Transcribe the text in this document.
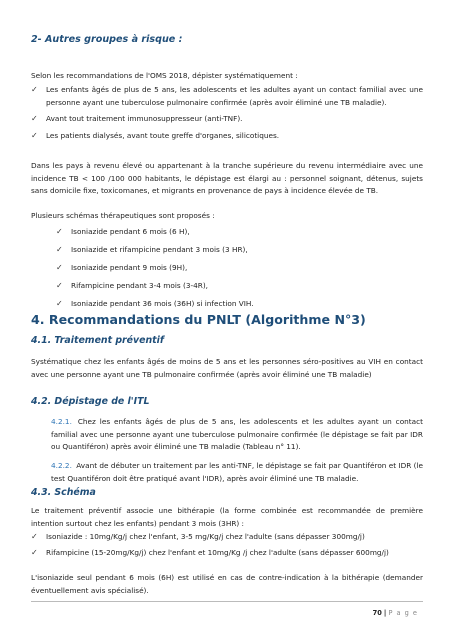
2- Autres groupes à risque :

Selon les recommandations de l'OMS 2018, dépister systématiquement :

✓ Les enfants âgés de plus de 5 ans, les adolescents et les adultes ayant un contact familial avec une personne ayant une tuberculose pulmonaire confirmée (après avoir éliminé une TB maladie).
✓ Avant tout traitement immunosuppresseur (anti-TNF).
✓ Les patients dialysés, avant toute greffe d'organes, silicotiques.

Dans les pays à revenu élevé ou appartenant à la tranche supérieure du revenu intermédiaire avec une incidence TB < 100 /100 000 habitants, le dépistage est élargi au : personnel soignant, détenus, sujets sans domicile fixe, toxicomanes, et migrants en provenance de pays à incidence élevée de TB.

Plusieurs schémas thérapeutiques sont proposés :

✓ Isoniazide pendant 6 mois (6 H),
✓ Isoniazide et rifampicine pendant 3 mois (3 HR),
✓ Isoniazide pendant 9 mois (9H),
✓ Rifampicine pendant 3-4 mois (3-4R),
✓ Isoniazide pendant 36 mois (36H) si infection VIH.
4. Recommandations du PNLT (Algorithme N°3)
4.1. Traitement préventif

Systématique chez les enfants âgés de moins de 5 ans et les personnes séro-positives au VIH en contact avec une personne ayant une TB pulmonaire confirmée (après avoir éliminé une TB maladie)

4.2. Dépistage de l'ITL

4.2.1. Chez les enfants âgés de plus de 5 ans, les adolescents et les adultes ayant un contact familial avec une personne ayant une tuberculose pulmonaire confirmée (le dépistage se fait par IDR ou Quantiféron) après avoir éliminé une TB maladie (Tableau n° 11).

4.2.2. Avant de débuter un traitement par les anti-TNF, le dépistage se fait par Quantiféron et IDR (le test Quantiféron doit être pratiqué avant l'IDR), après avoir éliminé une TB maladie.

4.3. Schéma

Le traitement préventif associe une bithérapie (la forme combinée est recommandée de première intention surtout chez les enfants) pendant 3 mois (3HR) :

✓ Isoniazide : 10mg/Kg/j chez l'enfant, 3-5 mg/Kg/j chez l'adulte (sans dépasser 300mg/j)
✓ Rifampicine (15-20mg/Kg/j) chez l'enfant et 10mg/Kg /j chez l'adulte (sans dépasser 600mg/j)

L'isoniazide seul pendant 6 mois (6H) est utilisé en cas de contre-indication à la bithérapie (demander éventuellement avis spécialisé).

70 | P a g e
